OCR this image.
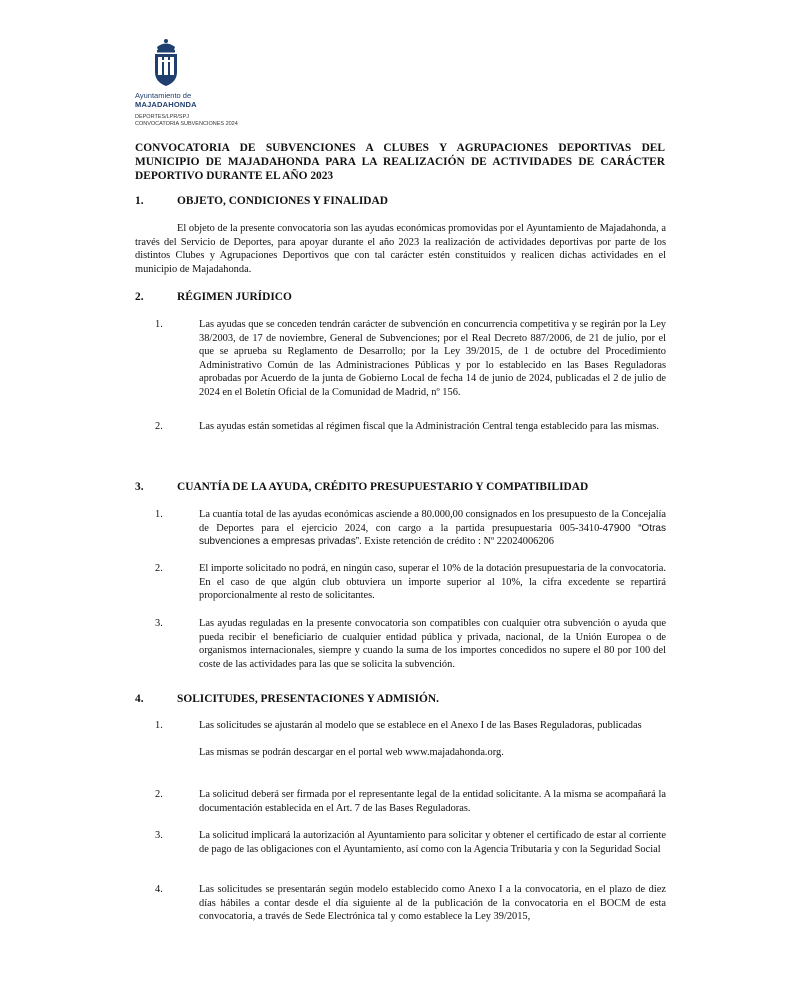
Ayuntamiento de
MAJADAHONDA
DEPORTES/LPR/SPJ
CONVOCATORIA SUBVENCIONES 2024
CONVOCATORIA DE SUBVENCIONES A CLUBES Y AGRUPACIONES DEPORTIVAS DEL MUNICIPIO DE MAJADAHONDA PARA LA REALIZACIÓN DE ACTIVIDADES DE CARÁCTER DEPORTIVO DURANTE EL AÑO 2023
1.	OBJETO, CONDICIONES Y FINALIDAD
El objeto de la presente convocatoria son las ayudas económicas promovidas por el Ayuntamiento de Majadahonda, a través del Servicio de Deportes, para apoyar durante el año 2023 la realización de actividades deportivas por parte de los distintos Clubes y Agrupaciones Deportivos que con tal carácter estén constituidos y realicen dichas actividades en el municipio de Majadahonda.
2.	RÉGIMEN JURÍDICO
1.	Las ayudas que se conceden tendrán carácter de subvención en concurrencia competitiva y se regirán por la Ley 38/2003, de 17 de noviembre, General de Subvenciones; por el Real Decreto 887/2006, de 21 de julio, por el que se aprueba su Reglamento de Desarrollo; por la Ley 39/2015, de 1 de octubre del Procedimiento Administrativo Común de las Administraciones Públicas y por lo establecido en las Bases Reguladoras aprobadas por Acuerdo de la junta de Gobierno Local de fecha 14 de junio de 2024, publicadas el 2 de julio de 2024 en el Boletín Oficial de la Comunidad de Madrid, nº 156.
2.	Las ayudas están sometidas al régimen fiscal que la Administración Central tenga establecido para las mismas.
3.	CUANTÍA DE LA AYUDA, CRÉDITO PRESUPUESTARIO Y COMPATIBILIDAD
1.	La cuantía total de las ayudas económicas asciende a 80.000,00 consignados en los presupuesto de la Concejalía de Deportes para el ejercicio 2024, con cargo a la partida presupuestaria 005-3410-47900 “Otras subvenciones a empresas privadas”. Existe retención de crédito : Nº 22024006206
2.	El importe solicitado no podrá, en ningún caso, superar el 10% de la dotación presupuestaria de la convocatoria. En el caso de que algún club obtuviera un importe superior al 10%, la cifra excedente se repartirá proporcionalmente al resto de solicitantes.
3.	Las ayudas reguladas en la presente convocatoria son compatibles con cualquier otra subvención o ayuda que pueda recibir el beneficiario de cualquier entidad pública y privada, nacional, de la Unión Europea o de organismos internacionales, siempre y cuando la suma de los importes concedidos no supere el 80 por 100 del coste de las actividades para las que se solicita la subvención.
4.	SOLICITUDES, PRESENTACIONES Y ADMISIÓN.
1.	Las solicitudes se ajustarán al modelo que se establece en el Anexo I de las Bases Reguladoras, publicadas
Las mismas se podrán descargar en el portal web www.majadahonda.org.
2.	La solicitud deberá ser firmada por el representante legal de la entidad solicitante. A la misma se acompañará la documentación establecida en el Art. 7 de las Bases Reguladoras.
3.	La solicitud implicará la autorización al Ayuntamiento para solicitar y obtener el certificado de estar al corriente de pago de las obligaciones con el Ayuntamiento, así como con la Agencia Tributaria y con la Seguridad Social
4.	Las solicitudes se presentarán según modelo establecido como Anexo I a la convocatoria, en el plazo de diez días hábiles a contar desde el día siguiente al de la publicación de la convocatoria en el BOCM de esta convocatoria, a través de Sede Electrónica tal y como establece la Ley 39/2015,
